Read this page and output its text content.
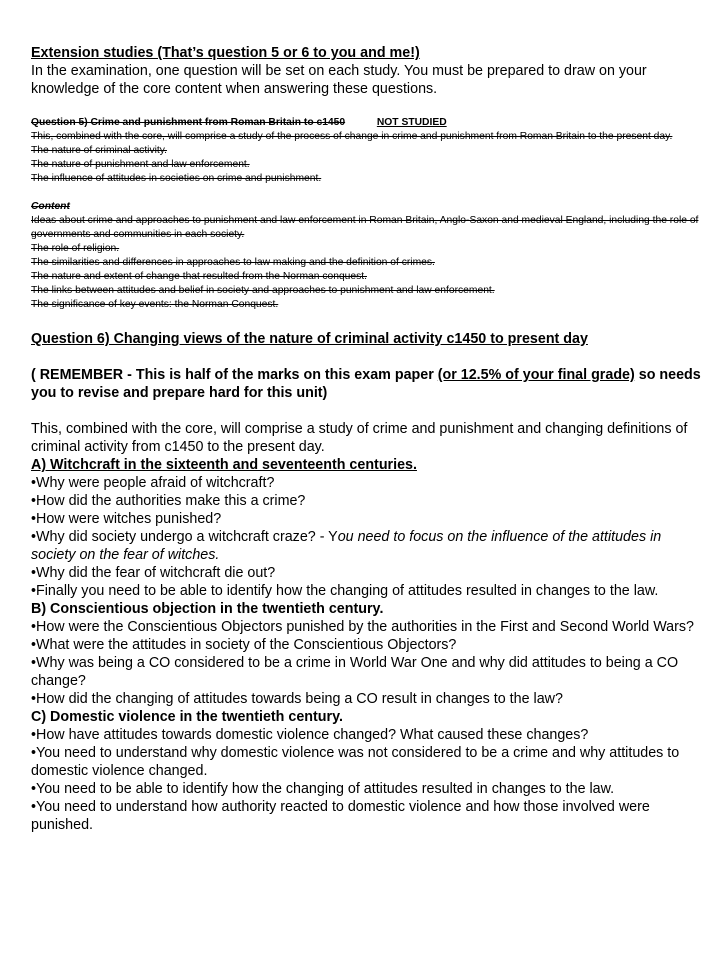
Extension studies (That’s question 5 or 6 to you and me!)

In the examination, one question will be set on each study. You must be prepared to draw on your knowledge of the core content when answering these questions.

Question 5) Crime and punishment from Roman Britain to c1450	NOT STUDIED

This, combined with the core, will comprise a study of the process of change in crime and punishment from Roman Britain to the present day.

The nature of criminal activity.

The nature of punishment and law enforcement.

The influence of attitudes in societies on crime and punishment.

Content

Ideas about crime and approaches to punishment and law enforcement in Roman Britain, Anglo-Saxon and medieval England, including the role of governments and communities in each society.

The role of religion.

The similarities and differences in approaches to law making and the definition of crimes.

The nature and extent of change that resulted from the Norman conquest.

The links between attitudes and belief in society and approaches to punishment and law enforcement.

The significance of key events: the Norman Conquest.

Question 6) Changing views of the nature of criminal activity c1450 to present day

( REMEMBER - This is half of the marks on this exam paper (or 12.5% of your final grade) so needs you to revise and prepare hard for this unit)

This, combined with the core, will comprise a study of crime and punishment and changing definitions of criminal activity from c1450 to the present day.

A) Witchcraft in the sixteenth and seventeenth centuries.

•Why were people afraid of witchcraft?

•How did the authorities make this a crime?

•How were witches punished?

•Why did society undergo a witchcraft craze? - You need to focus on the influence of the attitudes in society on the fear of witches.

•Why did the fear of witchcraft die out?

•Finally you need to be able to identify how the changing of attitudes resulted in changes to the law.

B) Conscientious objection in the twentieth century.

•How were the Conscientious Objectors punished by the authorities in the First and Second World Wars?

•What were the attitudes in society of the Conscientious Objectors?

•Why was being a CO considered to be a crime in World War One and why did attitudes to being a CO change?

•How did the changing of attitudes towards being a CO result in changes to the law?

C) Domestic violence in the twentieth century.

•How have attitudes towards domestic violence changed? What caused these changes?

•You need to understand why domestic violence was not considered to be a crime and why attitudes to domestic violence changed.

•You need to be able to identify how the changing of attitudes resulted in changes to the law.

•You need to understand how authority reacted to domestic violence and how those involved were punished.
